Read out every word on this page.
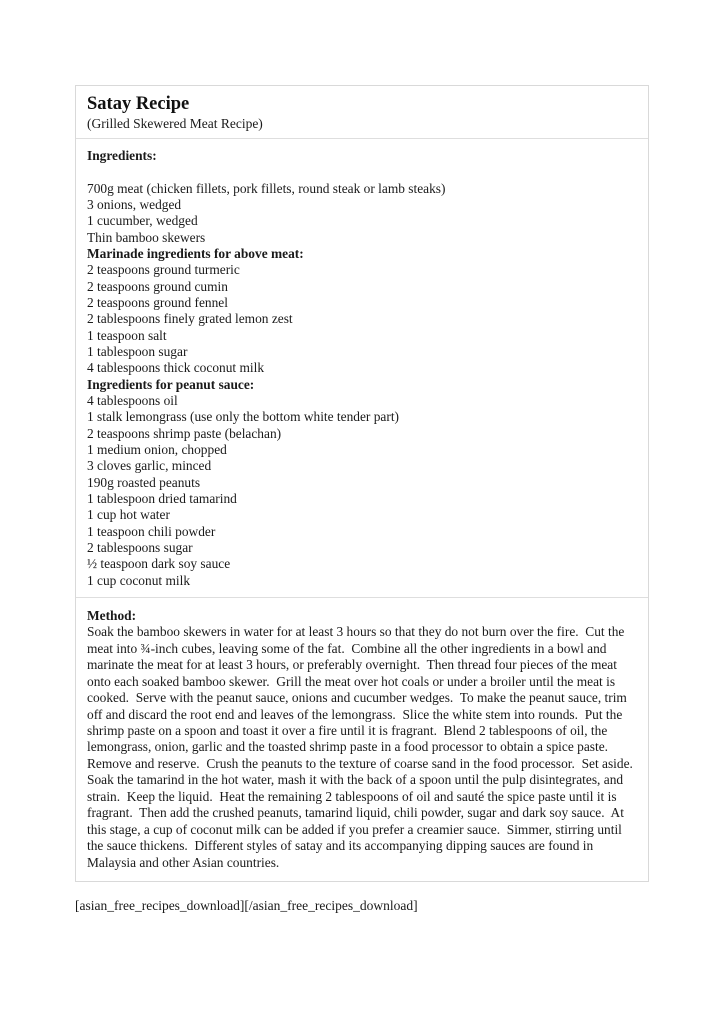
Satay Recipe
(Grilled Skewered Meat Recipe)
Ingredients:
700g meat (chicken fillets, pork fillets, round steak or lamb steaks)
3 onions, wedged
1 cucumber, wedged
Thin bamboo skewers
Marinade ingredients for above meat:
2 teaspoons ground turmeric
2 teaspoons ground cumin
2 teaspoons ground fennel
2 tablespoons finely grated lemon zest
1 teaspoon salt
1 tablespoon sugar
4 tablespoons thick coconut milk
Ingredients for peanut sauce:
4 tablespoons oil
1 stalk lemongrass (use only the bottom white tender part)
2 teaspoons shrimp paste (belachan)
1 medium onion, chopped
3 cloves garlic, minced
190g roasted peanuts
1 tablespoon dried tamarind
1 cup hot water
1 teaspoon chili powder
2 tablespoons sugar
½ teaspoon dark soy sauce
1 cup coconut milk
Method:
Soak the bamboo skewers in water for at least 3 hours so that they do not burn over the fire.  Cut the meat into ¾-inch cubes, leaving some of the fat.  Combine all the other ingredients in a bowl and marinate the meat for at least 3 hours, or preferably overnight.  Then thread four pieces of the meat onto each soaked bamboo skewer.  Grill the meat over hot coals or under a broiler until the meat is cooked.  Serve with the peanut sauce, onions and cucumber wedges.  To make the peanut sauce, trim off and discard the root end and leaves of the lemongrass.  Slice the white stem into rounds.  Put the shrimp paste on a spoon and toast it over a fire until it is fragrant.  Blend 2 tablespoons of oil, the lemongrass, onion, garlic and the toasted shrimp paste in a food processor to obtain a spice paste.  Remove and reserve.  Crush the peanuts to the texture of coarse sand in the food processor.  Set aside.  Soak the tamarind in the hot water, mash it with the back of a spoon until the pulp disintegrates, and strain.  Keep the liquid.  Heat the remaining 2 tablespoons of oil and sauté the spice paste until it is fragrant.  Then add the crushed peanuts, tamarind liquid, chili powder, sugar and dark soy sauce.  At this stage, a cup of coconut milk can be added if you prefer a creamier sauce.  Simmer, stirring until the sauce thickens.  Different styles of satay and its accompanying dipping sauces are found in Malaysia and other Asian countries.
[asian_free_recipes_download][/asian_free_recipes_download]
